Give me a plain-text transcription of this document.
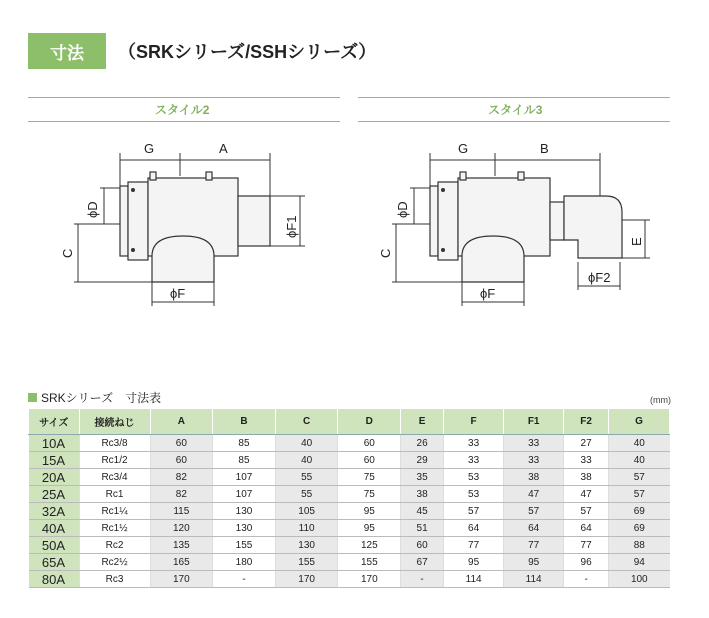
寸法	（SRKシリーズ/SSHシリーズ）
スタイル2	スタイル3
G	A
ϕD
C
ϕF
ϕF1
G	B
ϕD
C
ϕF
ϕF2
E
SRKシリーズ　寸法表	(mm)
サイズ	接続ねじ	A	B	C	D	E	F	F1	F2	G
10A	Rc3/8	60	85	40	60	26	33	33	27	40
15A	Rc1/2	60	85	40	60	29	33	33	33	40
20A	Rc3/4	82	107	55	75	35	53	38	38	57
25A	Rc1	82	107	55	75	38	53	47	47	57
32A	Rc1¼	115	130	105	95	45	57	57	57	69
40A	Rc1½	120	130	110	95	51	64	64	64	69
50A	Rc2	135	155	130	125	60	77	77	77	88
65A	Rc2½	165	180	155	155	67	95	95	96	94
80A	Rc3	170	-	170	170	-	114	114	-	100
